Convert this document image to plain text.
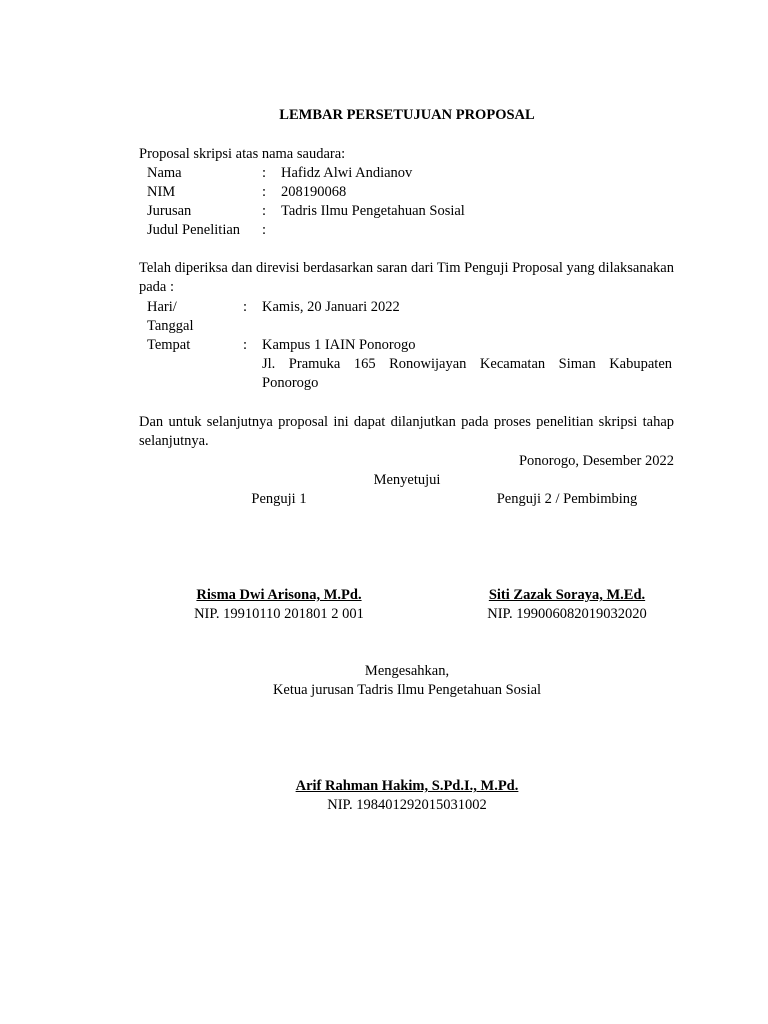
LEMBAR PERSETUJUAN PROPOSAL
Proposal skripsi atas nama saudara:
Nama	: Hafidz Alwi Andianov
NIM	: 208190068
Jurusan	: Tadris Ilmu Pengetahuan Sosial
Judul Penelitian :
Telah diperiksa dan direvisi berdasarkan saran dari Tim Penguji Proposal yang dilaksanakan pada :
Hari/
Tanggal
: Kamis, 20 Januari 2022
Tempat	: Kampus 1 IAIN Ponorogo
Jl. Pramuka 165 Ronowijayan Kecamatan Siman Kabupaten Ponorogo
Dan untuk selanjutnya proposal ini dapat dilanjutkan pada proses penelitian skripsi tahap selanjutnya.
Ponorogo, Desember 2022
Menyetujui
Penguji 1	Penguji 2 / Pembimbing
Risma Dwi Arisona, M.Pd.
NIP. 19910110 201801 2 001
Siti Zazak Soraya, M.Ed.
NIP. 199006082019032020
Mengesahkan,
Ketua jurusan Tadris Ilmu Pengetahuan Sosial
Arif Rahman Hakim, S.Pd.I., M.Pd.
NIP. 198401292015031002
